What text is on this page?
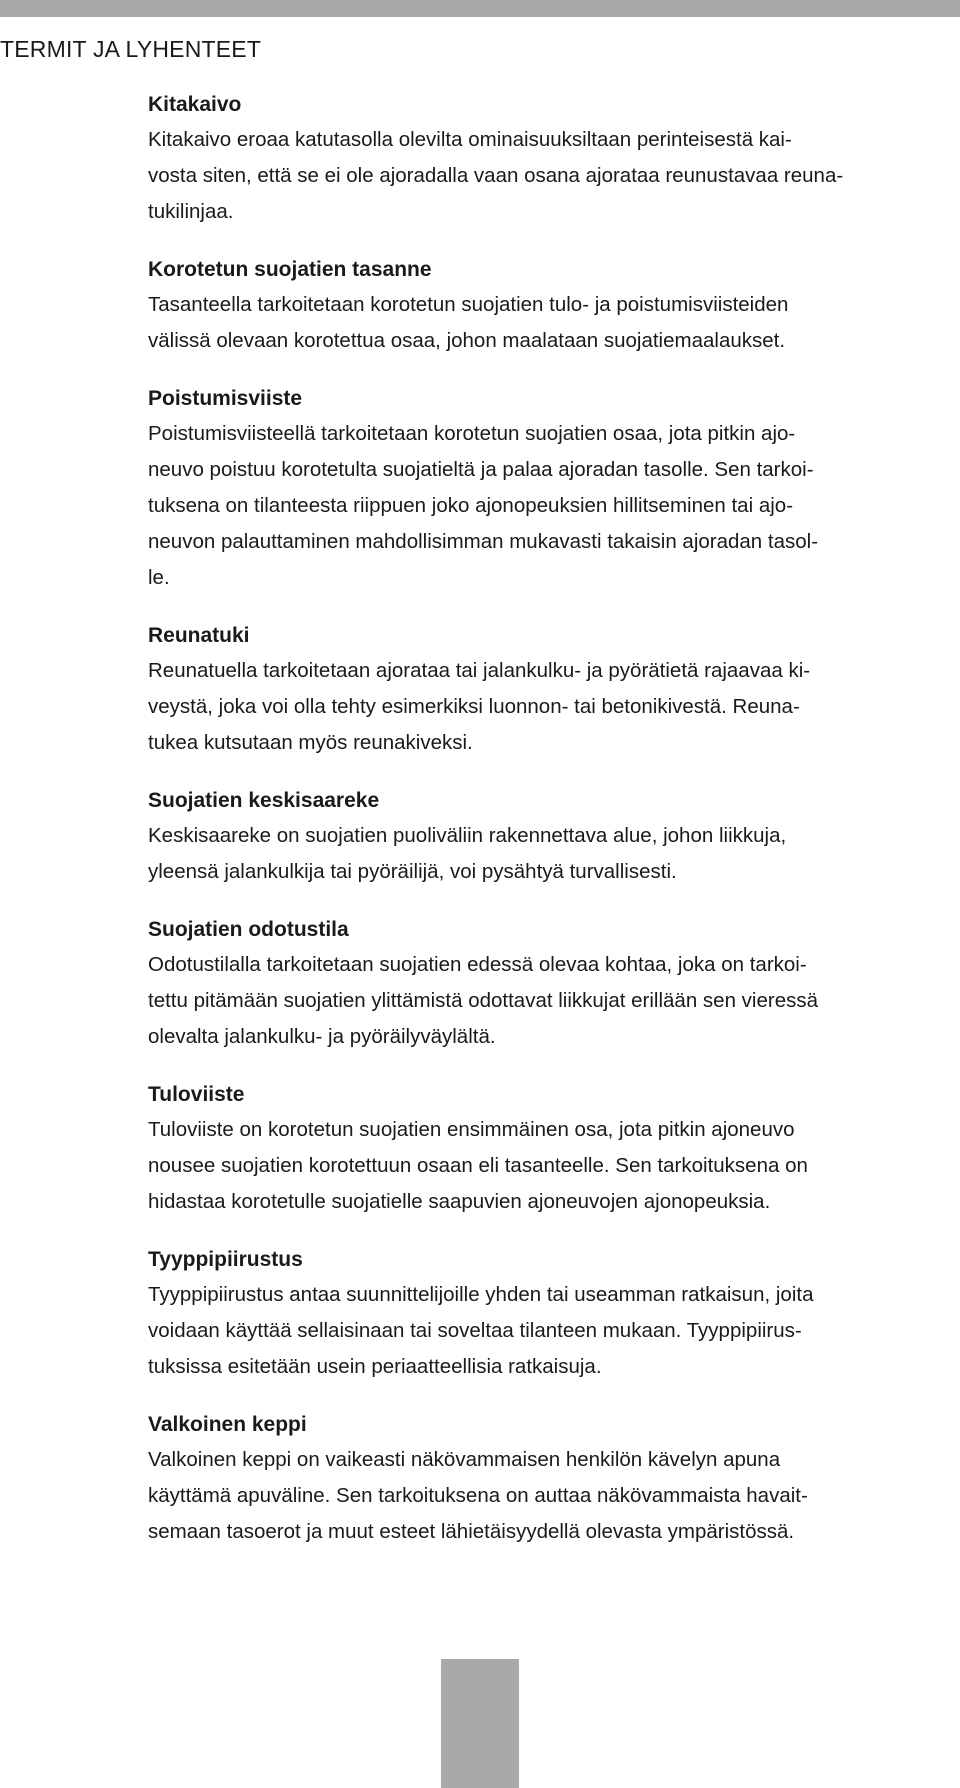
TERMIT JA LYHENTEET
Kitakaivo

Kitakaivo eroaa katutasolla olevilta ominaisuuksiltaan perinteisestä kai-
vosta siten, että se ei ole ajoradalla vaan osana ajorataa reunustavaa reuna-
tukilinjaa.

Korotetun suojatien tasanne

Tasanteella tarkoitetaan korotetun suojatien tulo- ja poistumisviisteiden
välissä olevaan korotettua osaa, johon maalataan suojatiemaalaukset.

Poistumisviiste

Poistumisviisteellä tarkoitetaan korotetun suojatien osaa, jota pitkin ajo-
neuvo poistuu korotetulta suojatieltä ja palaa ajoradan tasolle. Sen tarkoi-
tuksena on tilanteesta riippuen joko ajonopeuksien hillitseminen tai ajo-
neuvon palauttaminen mahdollisimman mukavasti takaisin ajoradan tasol-
le.

Reunatuki

Reunatuella tarkoitetaan ajorataa tai jalankulku- ja pyörätietä rajaavaa ki-
veystä, joka voi olla tehty esimerkiksi luonnon- tai betonikivestä. Reuna-
tukea kutsutaan myös reunakiveksi.

Suojatien keskisaareke

Keskisaareke on suojatien puoliväliin rakennettava alue, johon liikkuja,
yleensä jalankulkija tai pyöräilijä, voi pysähtyä turvallisesti.

Suojatien odotustila

Odotustilalla tarkoitetaan suojatien edessä olevaa kohtaa, joka on tarkoi-
tettu pitämään suojatien ylittämistä odottavat liikkujat erillään sen vieressä
olevalta jalankulku- ja pyöräilyväylältä.

Tuloviiste

Tuloviiste on korotetun suojatien ensimmäinen osa, jota pitkin ajoneuvo
nousee suojatien korotettuun osaan eli tasanteelle. Sen tarkoituksena on
hidastaa korotetulle suojatielle saapuvien ajoneuvojen ajonopeuksia.

Tyyppipiirustus

Tyyppipiirustus antaa suunnittelijoille yhden tai useamman ratkaisun, joita
voidaan käyttää sellaisinaan tai soveltaa tilanteen mukaan. Tyyppipiirus-
tuksissa esitetään usein periaatteellisia ratkaisuja.

Valkoinen keppi

Valkoinen keppi on vaikeasti näkövammaisen henkilön kävelyn apuna
käyttämä apuväline. Sen tarkoituksena on auttaa näkövammaista havait-
semaan tasoerot ja muut esteet lähietäisyydellä olevasta ympäristössä.
